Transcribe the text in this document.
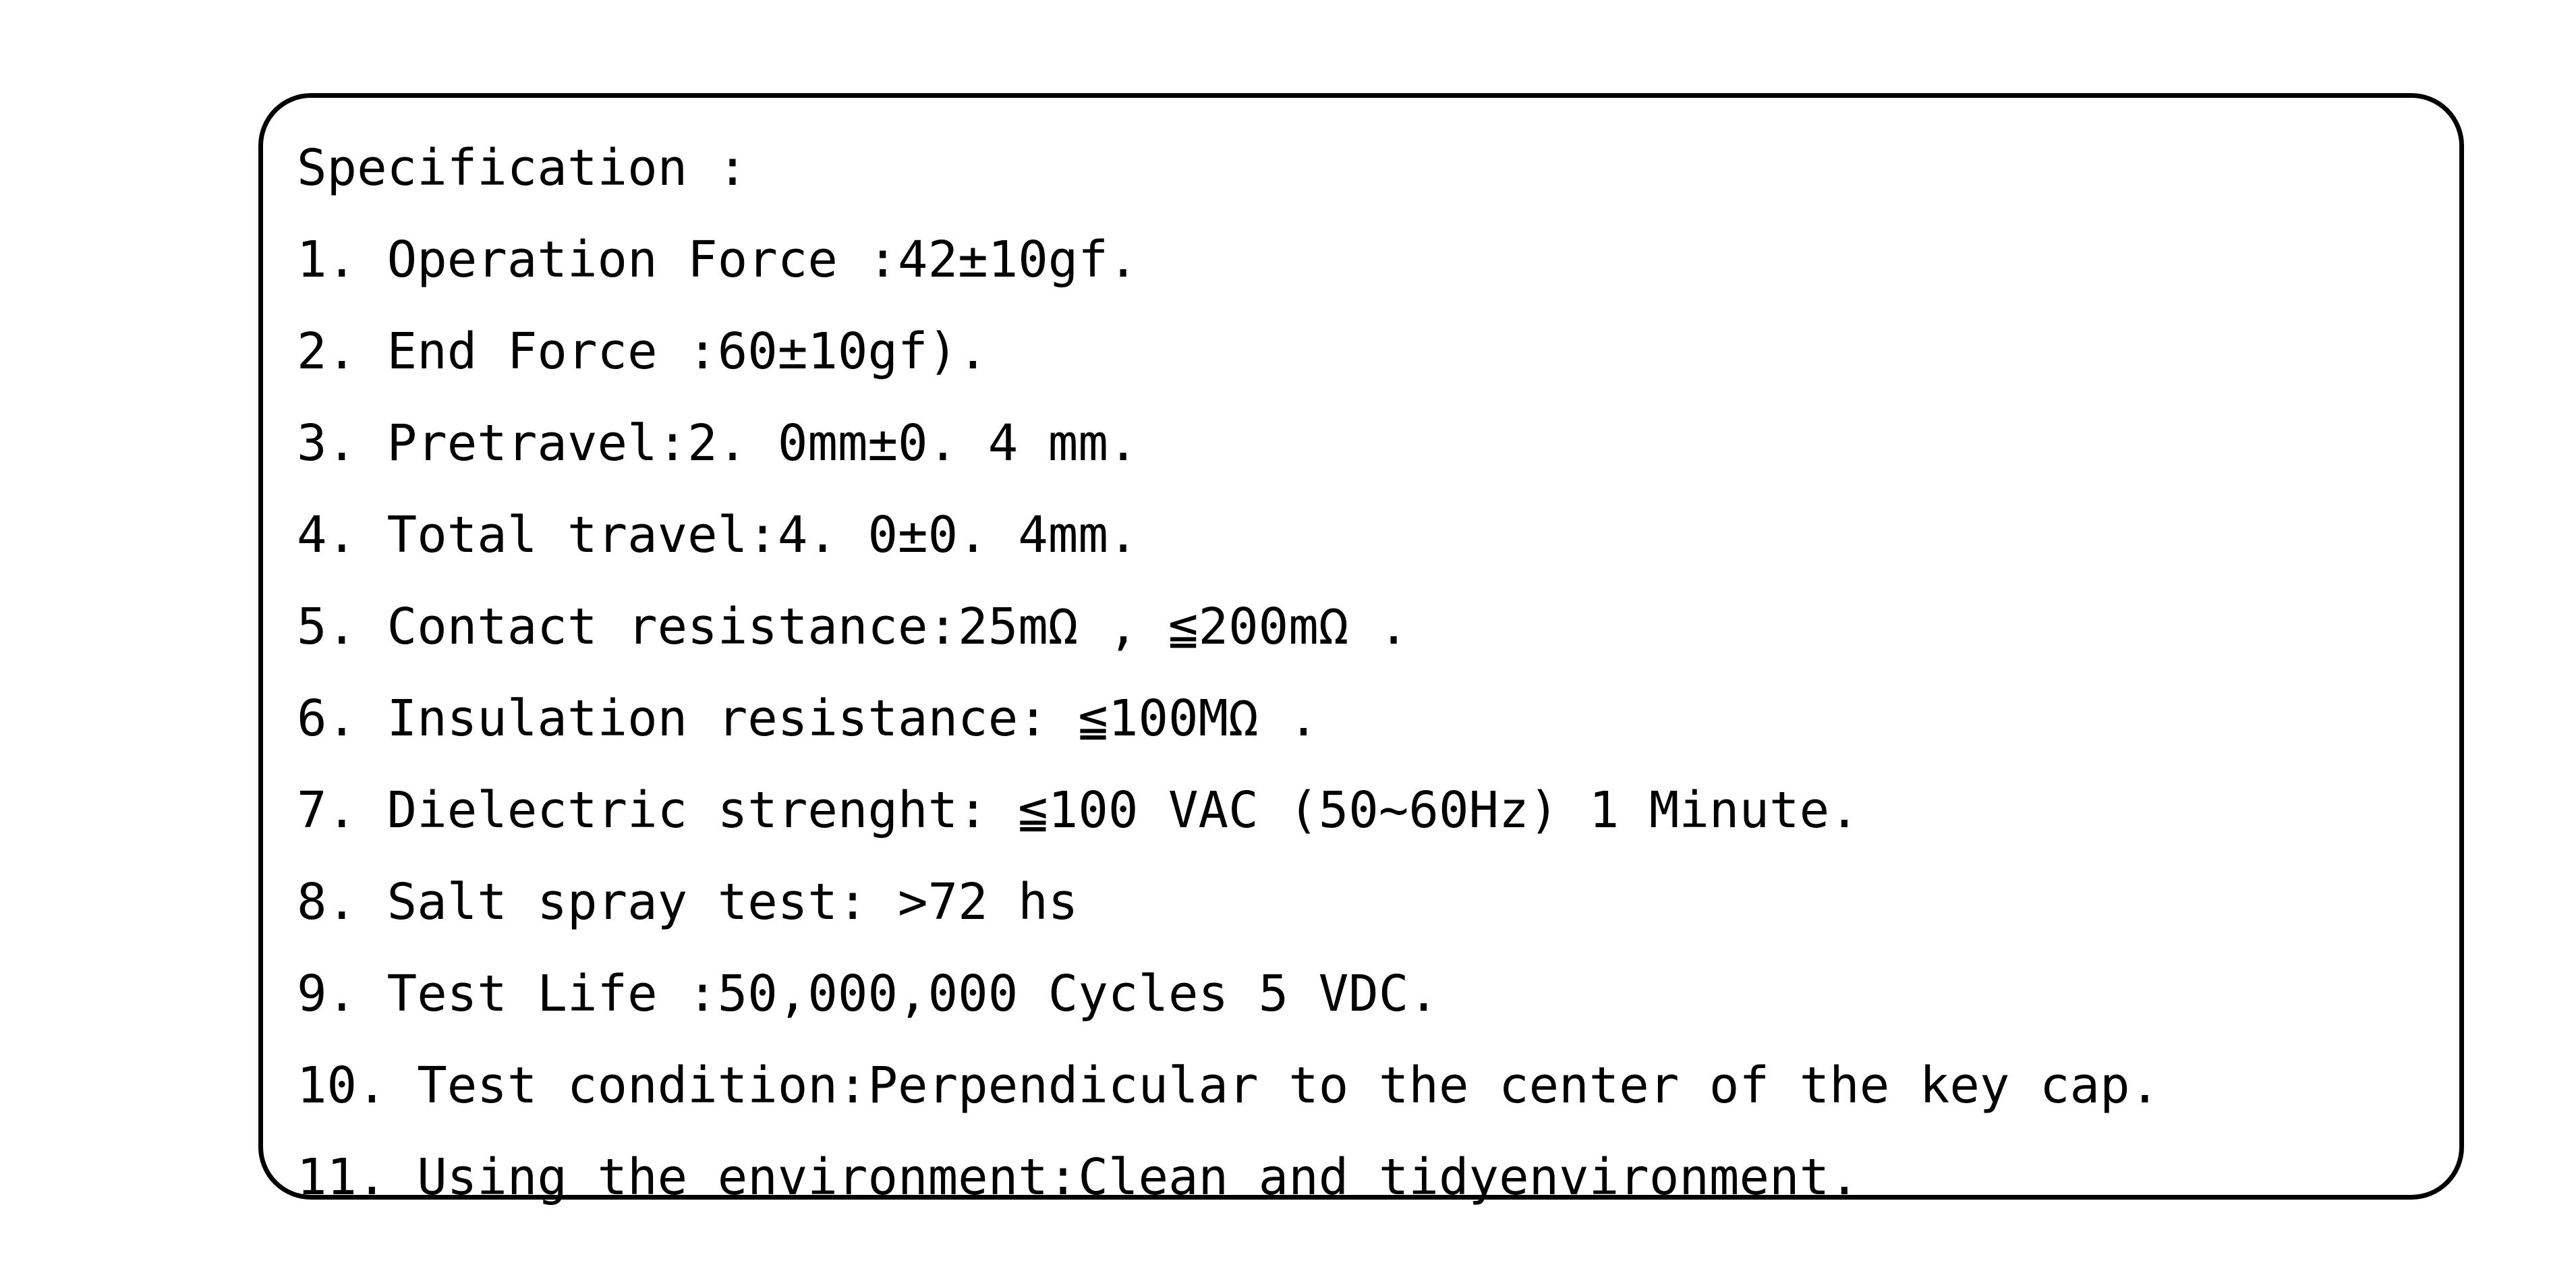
Specification :
1. Operation Force :42±10gf.
2. End Force :60±10gf).
3. Pretravel:2. 0mm±0. 4 mm.
4. Total travel:4. 0±0. 4mm.
5. Contact resistance:25mΩ , ≦200mΩ .
6. Insulation resistance: ≦100MΩ .
7. Dielectric strenght: ≦100 VAC (50~60Hz) 1 Minute.
8. Salt spray test: >72 hs
9. Test Life :50,000,000 Cycles 5 VDC.
10. Test condition:Perpendicular to the center of the key cap.
11. Using the environment:Clean and tidyenvironment.
